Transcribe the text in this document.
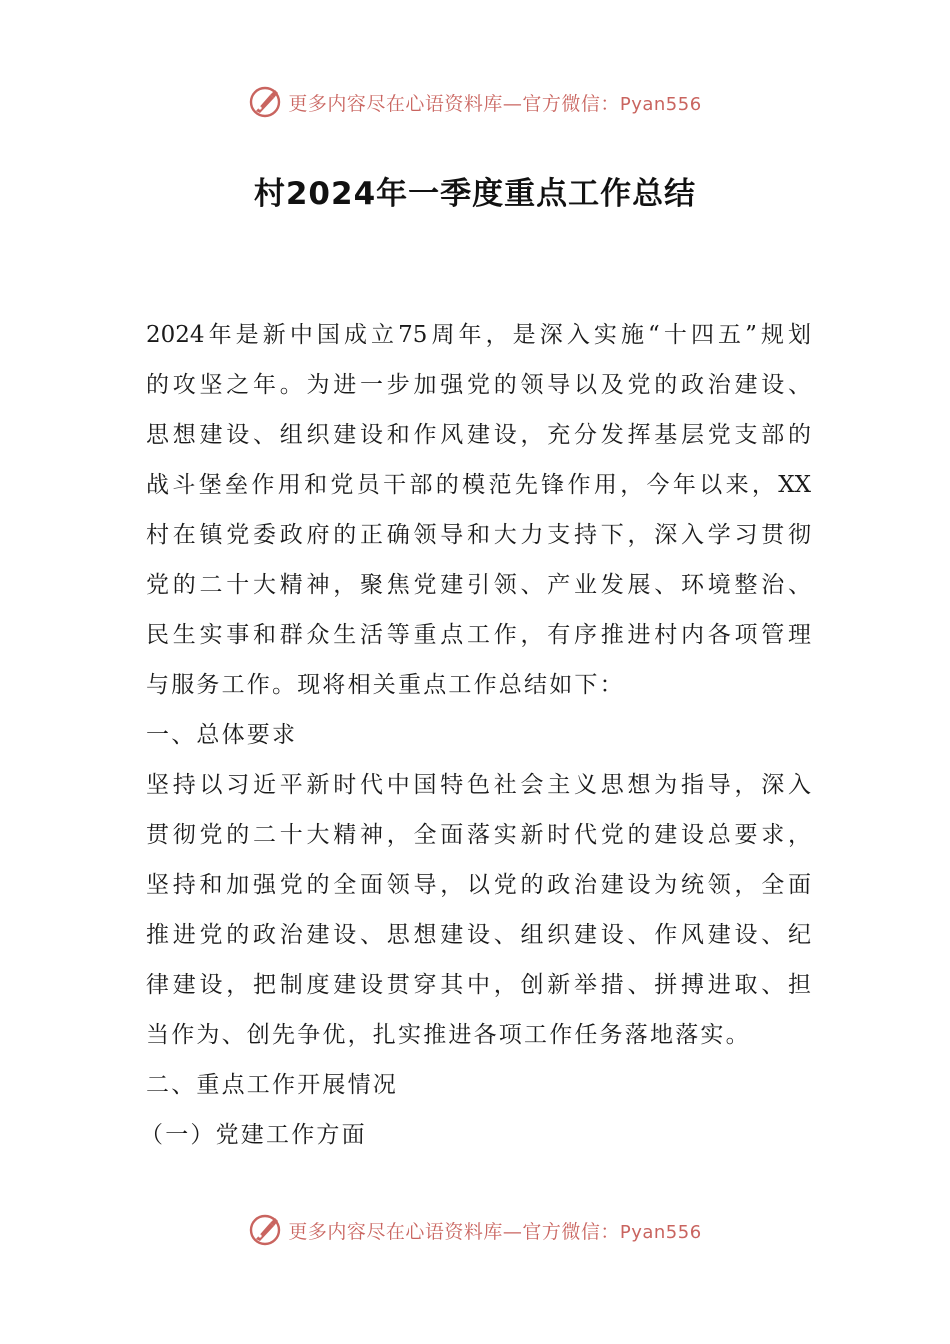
更多内容尽在心语资料库—官方微信：Pyan556
村2024年一季度重点工作总结
2024年是新中国成立75周年，是深入实施“十四五”规划
的攻坚之年。为进一步加强党的领导以及党的政治建设、
思想建设、组织建设和作风建设，充分发挥基层党支部的
战斗堡垒作用和党员干部的模范先锋作用，今年以来，XX
村在镇党委政府的正确领导和大力支持下，深入学习贯彻
党的二十大精神，聚焦党建引领、产业发展、环境整治、
民生实事和群众生活等重点工作，有序推进村内各项管理
与服务工作。现将相关重点工作总结如下：
一、总体要求
坚持以习近平新时代中国特色社会主义思想为指导，深入
贯彻党的二十大精神，全面落实新时代党的建设总要求，
坚持和加强党的全面领导，以党的政治建设为统领，全面
推进党的政治建设、思想建设、组织建设、作风建设、纪
律建设，把制度建设贯穿其中，创新举措、拼搏进取、担
当作为、创先争优，扎实推进各项工作任务落地落实。
二、重点工作开展情况
（一）党建工作方面
更多内容尽在心语资料库—官方微信：Pyan556
